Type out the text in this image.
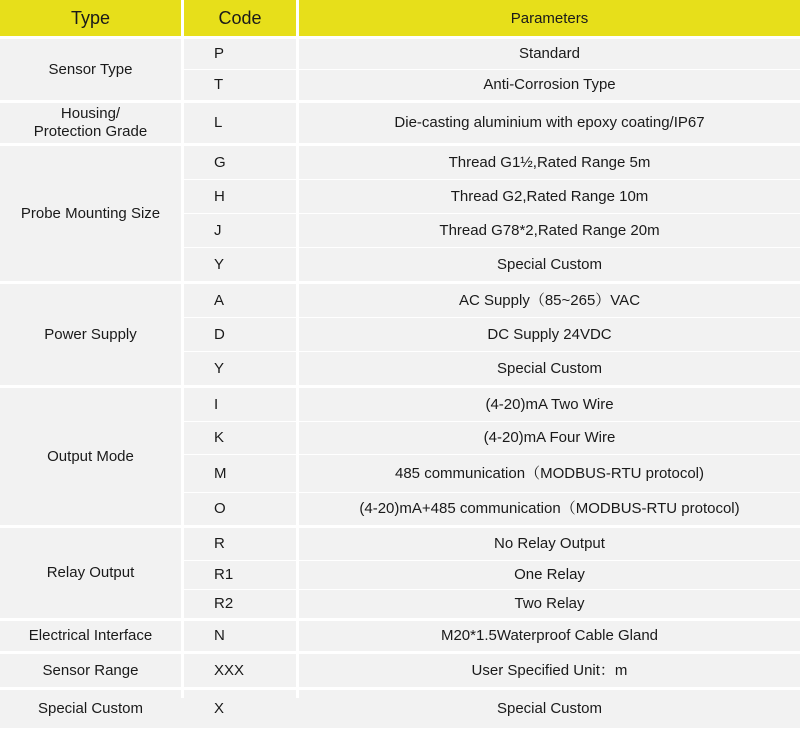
Type	Code	Parameters
Sensor Type
P	Standard
T	Anti-Corrosion Type
Housing/
Protection Grade
L	Die-casting aluminium with epoxy coating/IP67
Probe Mounting Size
G	Thread G1½,Rated Range 5m
H	Thread G2,Rated Range 10m
J	Thread G78*2,Rated Range 20m
Y	Special Custom
Power Supply
A	AC Supply（85~265）VAC
D	DC Supply 24VDC
Y	Special Custom
Output Mode
I	(4-20)mA Two Wire
K	(4-20)mA Four Wire
M	485 communication（MODBUS-RTU protocol)
O	(4-20)mA+485 communication（MODBUS-RTU protocol)
Relay Output
R	No Relay Output
R1	One Relay
R2	Two Relay
Electrical Interface	N	M20*1.5Waterproof Cable Gland
Sensor Range	XXX	User Specified Unit：m
Special Custom	X	Special Custom
